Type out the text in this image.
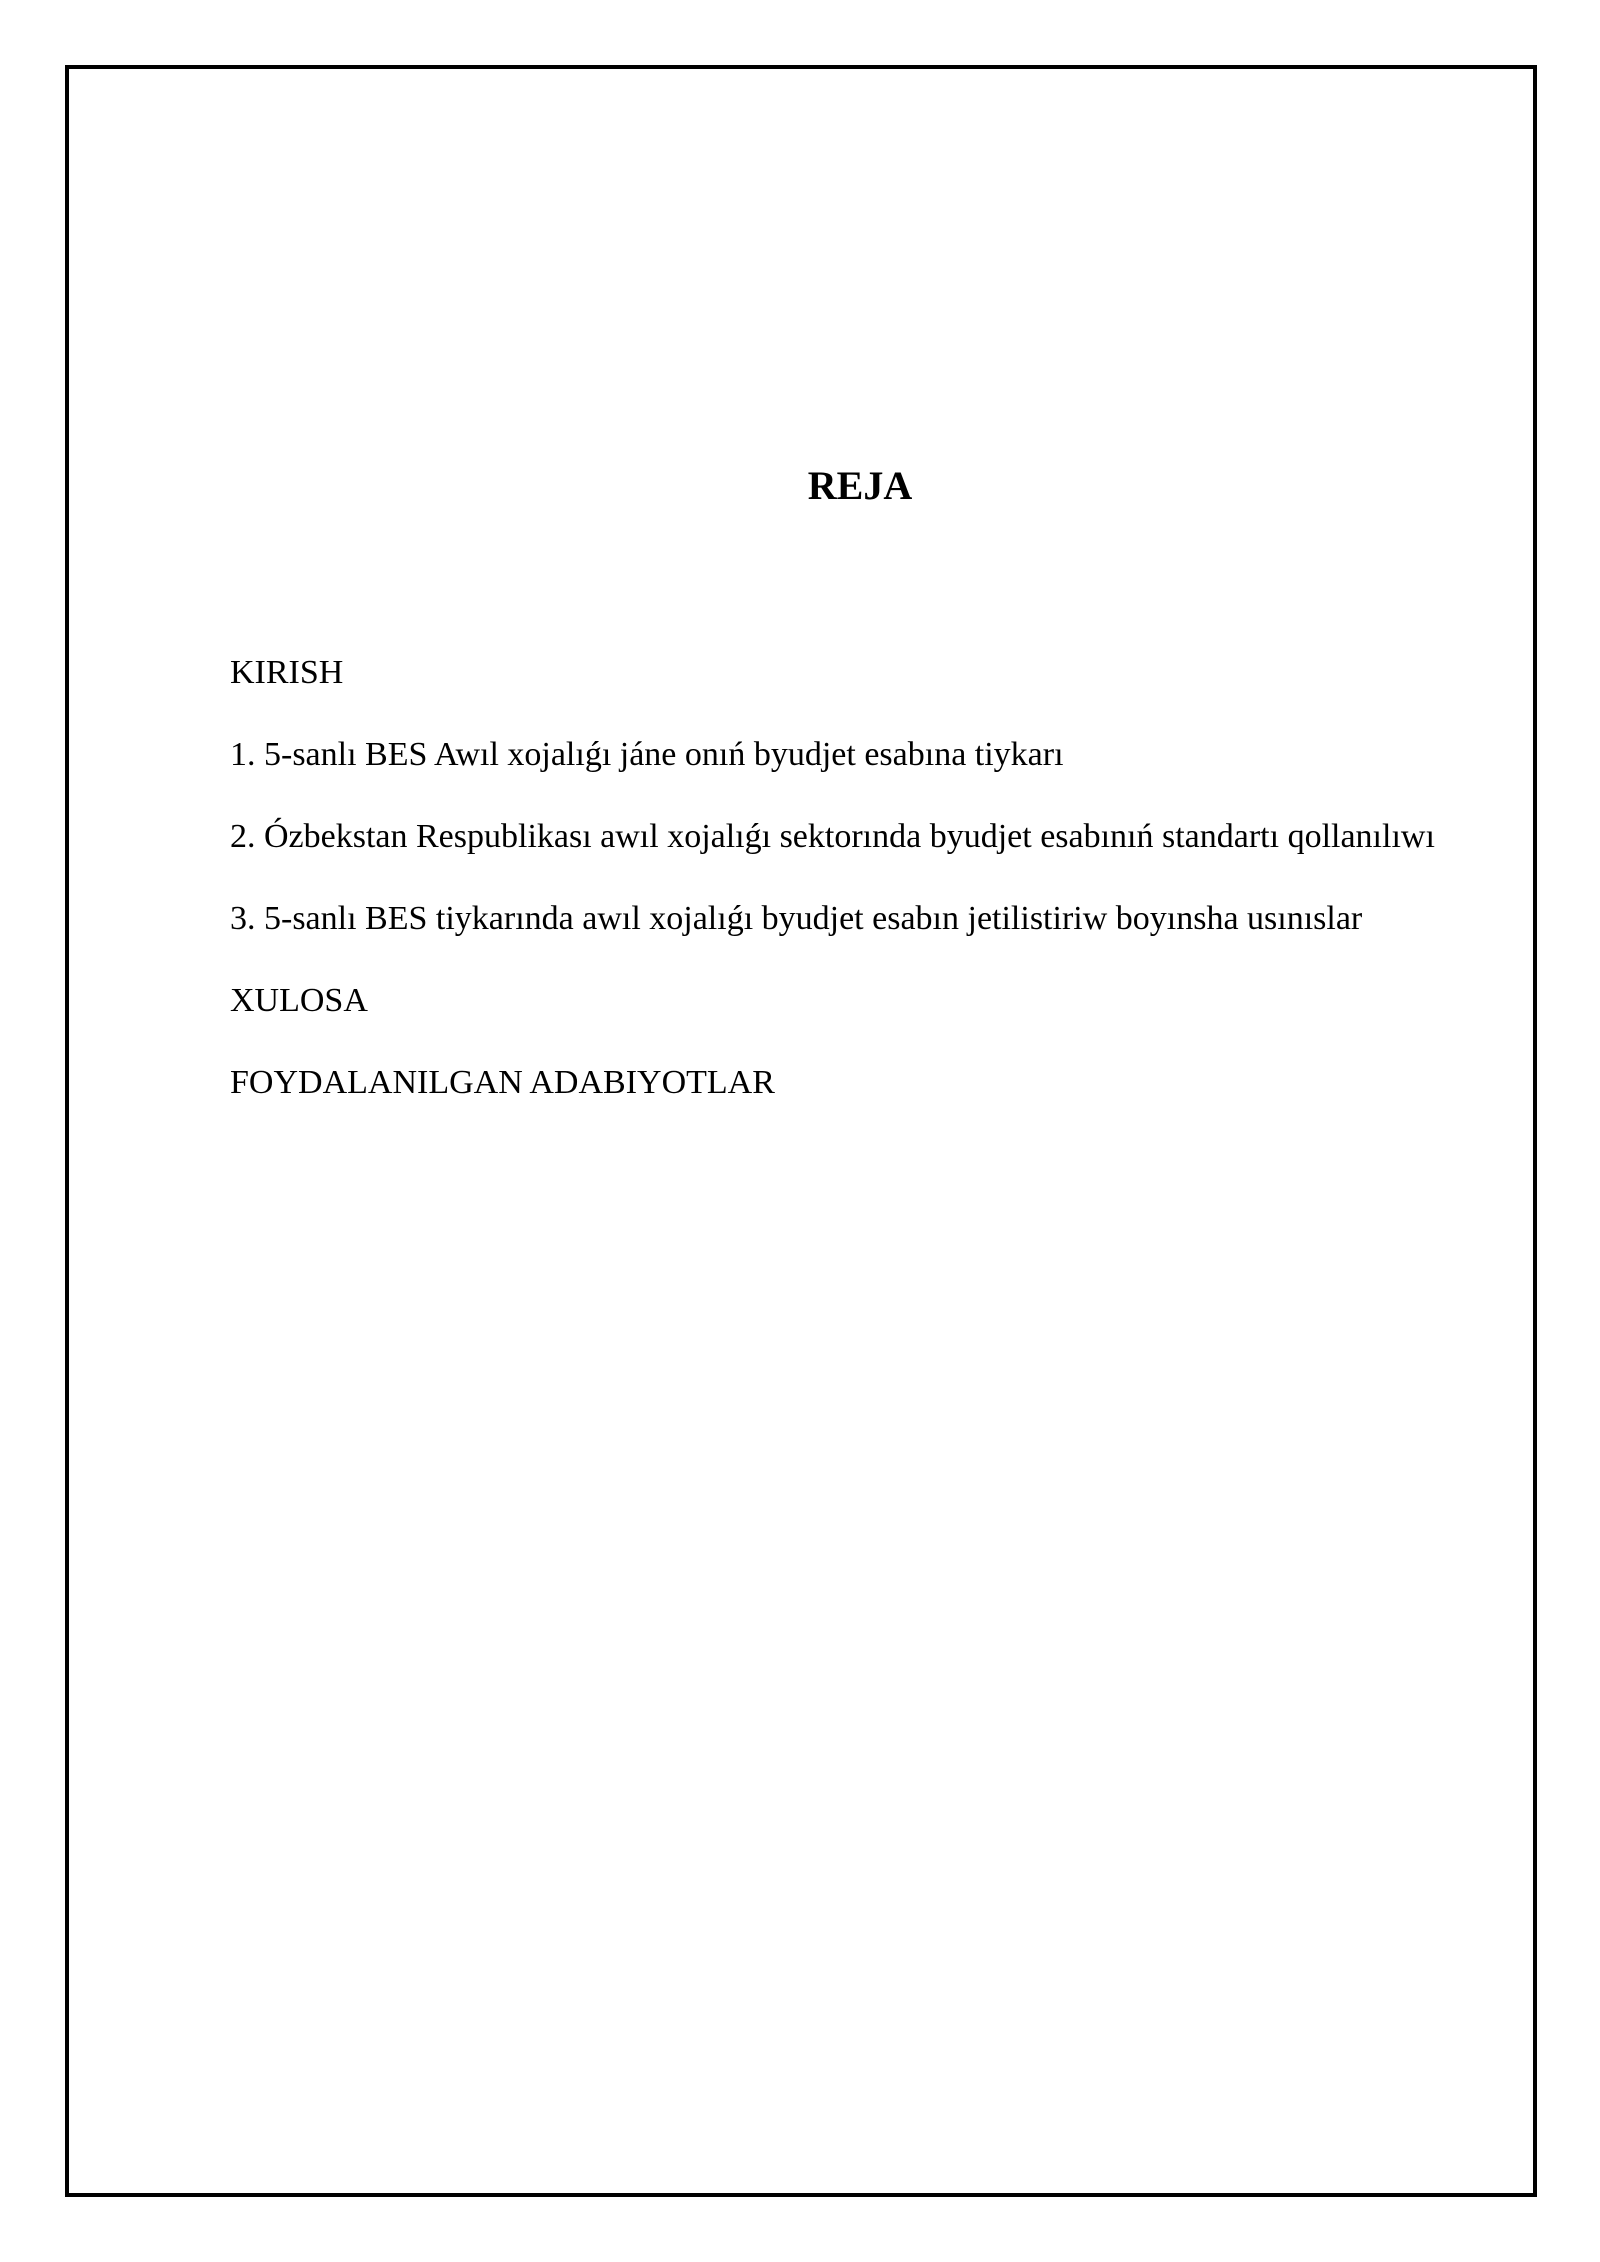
REJA
KIRISH
1. 5-sanlı BES Awıl xojalıǵı jáne onıń byudjet esabına tiykarı
2. Ózbekstan Respublikası awıl xojalıǵı sektorında byudjet esabınıń standartı qollanılıwı
3. 5-sanlı BES tiykarında awıl xojalıǵı byudjet esabın jetilistiriw boyınsha usınıslar
XULOSA
FOYDALANILGAN ADABIYOTLAR
